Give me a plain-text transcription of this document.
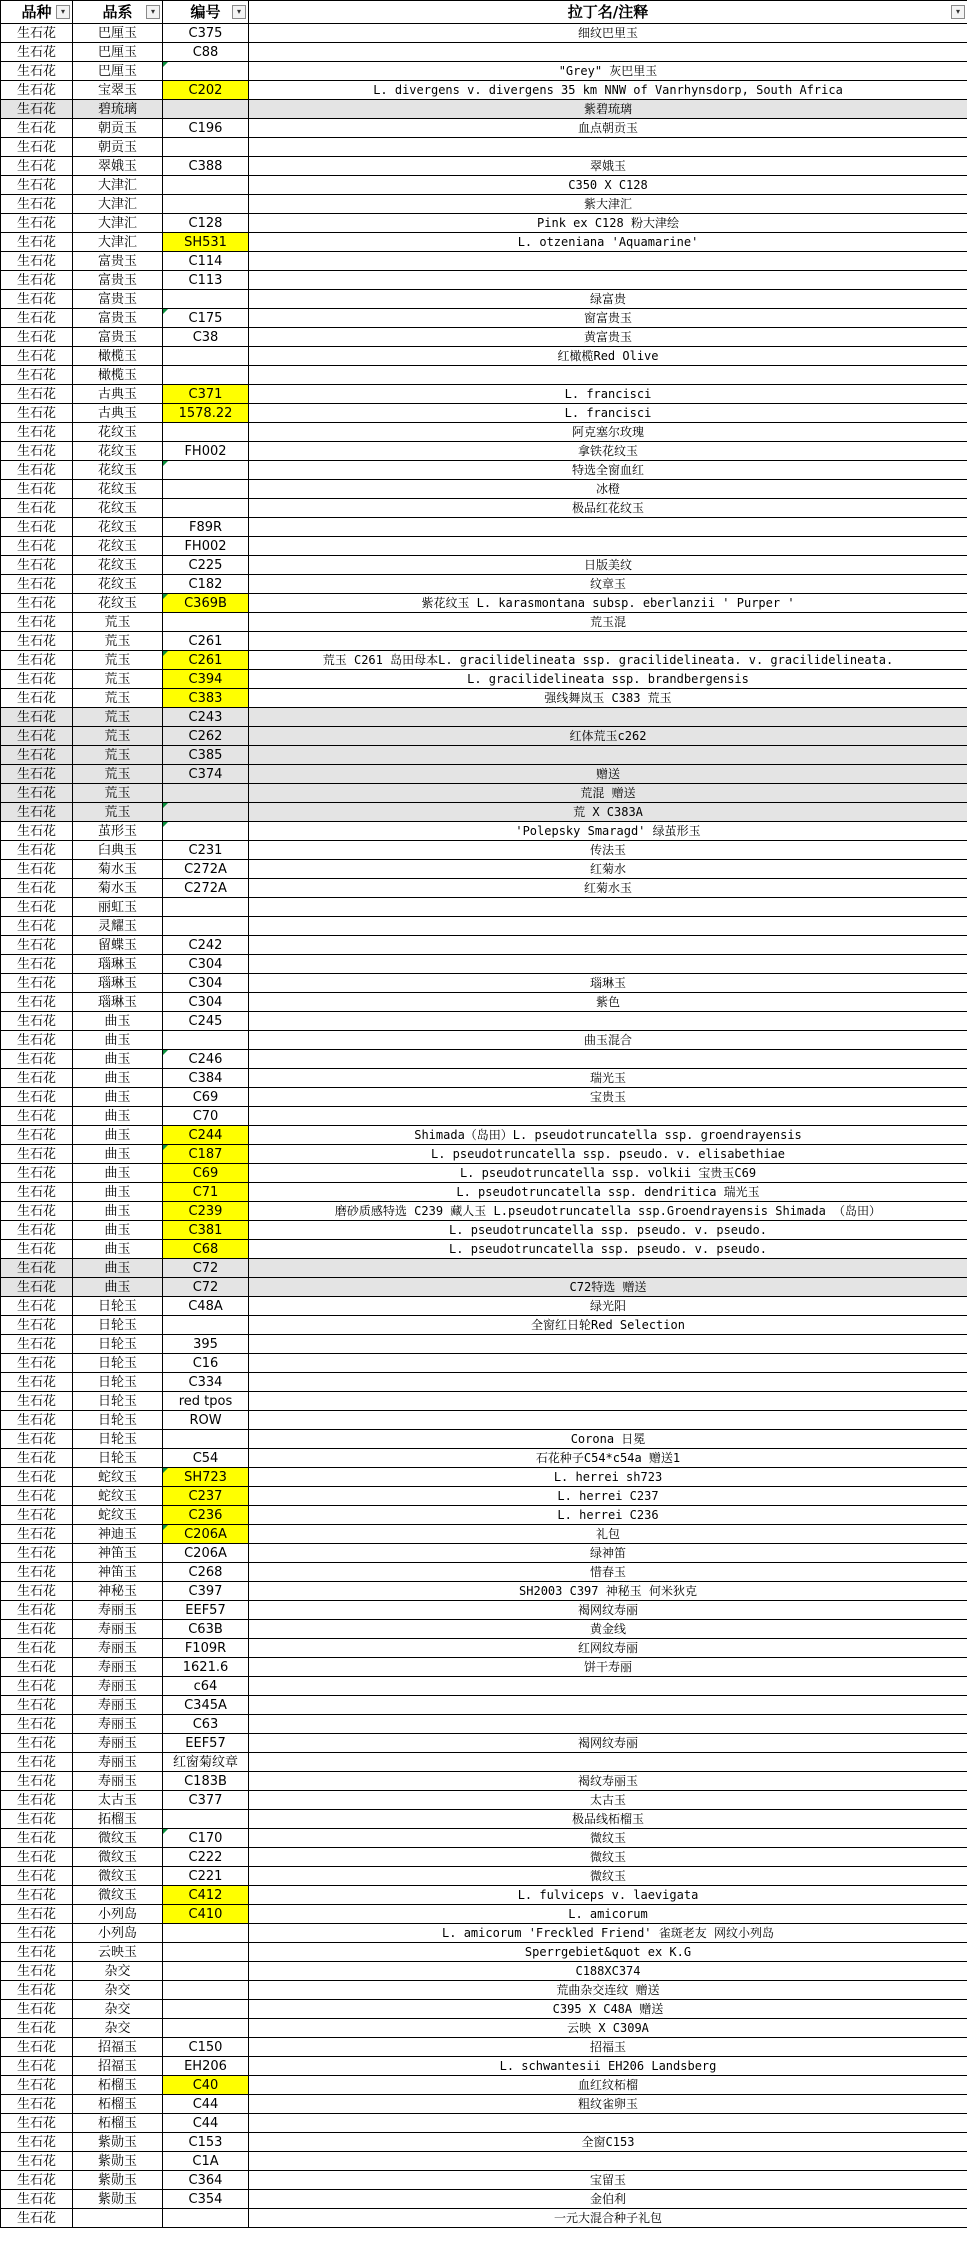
品种 ▾	品系 ▾	编号 ▾	拉丁名/注释 ▾

生石花	巴厘玉	C375	细纹巴里玉
生石花	巴厘玉	C88	
生石花	巴厘玉		"Grey" 灰巴里玉
生石花	宝翠玉	C202	L. divergens v. divergens 35 km NNW of Vanrhynsdorp, South Africa
生石花	碧琉璃		紫碧琉璃
生石花	朝贡玉	C196	血点朝贡玉
生石花	朝贡玉		
生石花	翠娥玉	C388	翠娥玉
生石花	大津汇		C350 X C128
生石花	大津汇		紫大津汇
生石花	大津汇	C128	Pink ex C128 粉大津绘
生石花	大津汇	SH531	L. otzeniana 'Aquamarine'
生石花	富贵玉	C114	
生石花	富贵玉	C113	
生石花	富贵玉		绿富贵
生石花	富贵玉	C175	窗富贵玉
生石花	富贵玉	C38	黄富贵玉
生石花	橄榄玉		红橄榄Red Olive
生石花	橄榄玉		
生石花	古典玉	C371	L. francisci
生石花	古典玉	1578.22	L. francisci
生石花	花纹玉		阿克塞尔玫瑰
生石花	花纹玉	FH002	拿铁花纹玉
生石花	花纹玉		特选全窗血红
生石花	花纹玉		冰橙
生石花	花纹玉		极品红花纹玉
生石花	花纹玉	F89R	
生石花	花纹玉	FH002	
生石花	花纹玉	C225	日版美纹
生石花	花纹玉	C182	纹章玉
生石花	花纹玉	C369B	紫花纹玉 L. karasmontana subsp. eberlanzii ' Purper '
生石花	荒玉		荒玉混
生石花	荒玉	C261	
生石花	荒玉	C261	荒玉 C261 岛田母本L. gracilidelineata ssp. gracilidelineata. v. gracilidelineata.
生石花	荒玉	C394	L. gracilidelineata ssp. brandbergensis
生石花	荒玉	C383	强线舞岚玉 C383 荒玉
生石花	荒玉	C243	
生石花	荒玉	C262	红体荒玉c262
生石花	荒玉	C385	
生石花	荒玉	C374	赠送
生石花	荒玉		荒混 赠送
生石花	荒玉		荒 X C383A
生石花	茧形玉		'Polepsky Smaragd' 绿茧形玉
生石花	臼典玉	C231	传法玉
生石花	菊水玉	C272A	红菊水
生石花	菊水玉	C272A	红菊水玉
生石花	丽虹玉		
生石花	灵耀玉		
生石花	留蝶玉	C242	
生石花	瑙琳玉	C304	
生石花	瑙琳玉	C304	瑙琳玉
生石花	瑙琳玉	C304	紫色
生石花	曲玉	C245	
生石花	曲玉		曲玉混合
生石花	曲玉	C246	
生石花	曲玉	C384	瑞光玉
生石花	曲玉	C69	宝贵玉
生石花	曲玉	C70	
生石花	曲玉	C244	Shimada（岛田）L. pseudotruncatella ssp. groendrayensis
生石花	曲玉	C187	L. pseudotruncatella ssp. pseudo. v. elisabethiae
生石花	曲玉	C69	L. pseudotruncatella ssp. volkii 宝贵玉C69
生石花	曲玉	C71	L. pseudotruncatella ssp. dendritica 瑞光玉
生石花	曲玉	C239	磨砂质感特选 C239 藏人玉 L.pseudotruncatella ssp.Groendrayensis Shimada （岛田）
生石花	曲玉	C381	L. pseudotruncatella ssp. pseudo. v. pseudo.
生石花	曲玉	C68	L. pseudotruncatella ssp. pseudo. v. pseudo.
生石花	曲玉	C72	
生石花	曲玉	C72	C72特选 赠送
生石花	日轮玉	C48A	绿光阳
生石花	日轮玉		全窗红日轮Red Selection
生石花	日轮玉	395	
生石花	日轮玉	C16	
生石花	日轮玉	C334	
生石花	日轮玉	red tpos	
生石花	日轮玉	ROW	
生石花	日轮玉		Corona 日冕
生石花	日轮玉	C54	石花种子C54*c54a 赠送1
生石花	蛇纹玉	SH723	L. herrei sh723
生石花	蛇纹玉	C237	L. herrei C237
生石花	蛇纹玉	C236	L. herrei C236
生石花	神迪玉	C206A	礼包
生石花	神笛玉	C206A	绿神笛
生石花	神笛玉	C268	惜春玉
生石花	神秘玉	C397	SH2003 C397 神秘玉 何米狄克
生石花	寿丽玉	EEF57	褐网纹寿丽
生石花	寿丽玉	C63B	黄金线
生石花	寿丽玉	F109R	红网纹寿丽
生石花	寿丽玉	1621.6	饼干寿丽
生石花	寿丽玉	c64	
生石花	寿丽玉	C345A	
生石花	寿丽玉	C63	
生石花	寿丽玉	EEF57	褐网纹寿丽
生石花	寿丽玉	红窗菊纹章	
生石花	寿丽玉	C183B	褐纹寿丽玉
生石花	太古玉	C377	太古玉
生石花	拓榴玉		极品线柘榴玉
生石花	微纹玉	C170	微纹玉
生石花	微纹玉	C222	微纹玉
生石花	微纹玉	C221	微纹玉
生石花	微纹玉	C412	L. fulviceps v. laevigata
生石花	小列岛	C410	L. amicorum
生石花	小列岛		L. amicorum 'Freckled Friend' 雀斑老友 网纹小列岛
生石花	云映玉		Sperrgebiet&quot ex K.G
生石花	杂交		C188XC374
生石花	杂交		荒曲杂交连纹 赠送
生石花	杂交		C395 X C48A 赠送
生石花	杂交		云映 X C309A
生石花	招福玉	C150	招福玉
生石花	招福玉	EH206	L. schwantesii EH206 Landsberg
生石花	柘榴玉	C40	血红纹柘榴
生石花	柘榴玉	C44	粗纹雀卵玉
生石花	柘榴玉	C44	
生石花	紫勋玉	C153	全窗C153
生石花	紫勋玉	C1A	
生石花	紫勋玉	C364	宝留玉
生石花	紫勋玉	C354	金伯利
生石花			一元大混合种子礼包
